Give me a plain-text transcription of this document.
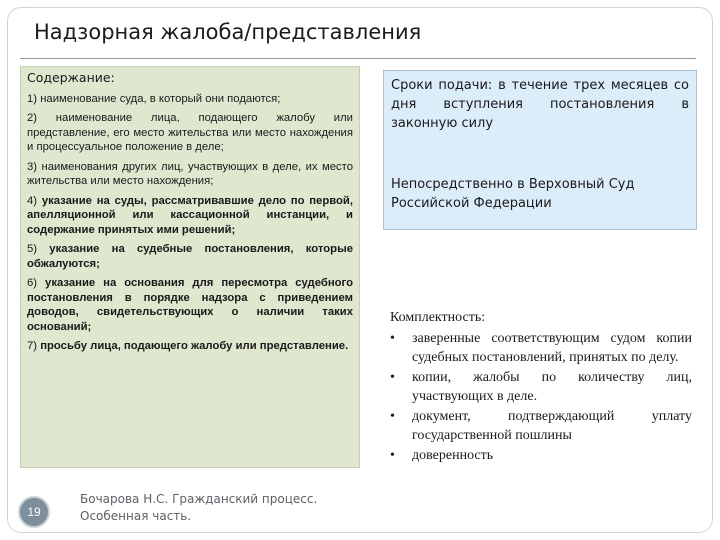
Надзорная жалоба/представления
Содержание:
1) наименование суда, в который они подаются;
2) наименование лица, подающего жалобу или представление, его место жительства или место нахождения и процессуальное положение в деле;
3) наименования других лиц, участвующих в деле, их место жительства или место нахождения;
4) указание на суды, рассматривавшие дело по первой, апелляционной или кассационной инстанции, и содержание принятых ими решений;
5) указание на судебные постановления, которые обжалуются;
6) указание на основания для пересмотра судебного постановления в порядке надзора с приведением доводов, свидетельствующих о наличии таких оснований;
7) просьбу лица, подающего жалобу или представление.
Сроки подачи: в течение трех месяцев со дня вступления постановления в законную силу
Непосредственно в Верховный Суд Российской Федерации
Комплектность:
• заверенные соответствующим судом копии судебных постановлений, принятых по делу.
• копии, жалобы по количеству лиц, участвующих в деле.
• документ, подтверждающий уплату государственной пошлины
• доверенность
19
Бочарова Н.С. Гражданский процесс.
Особенная часть.
